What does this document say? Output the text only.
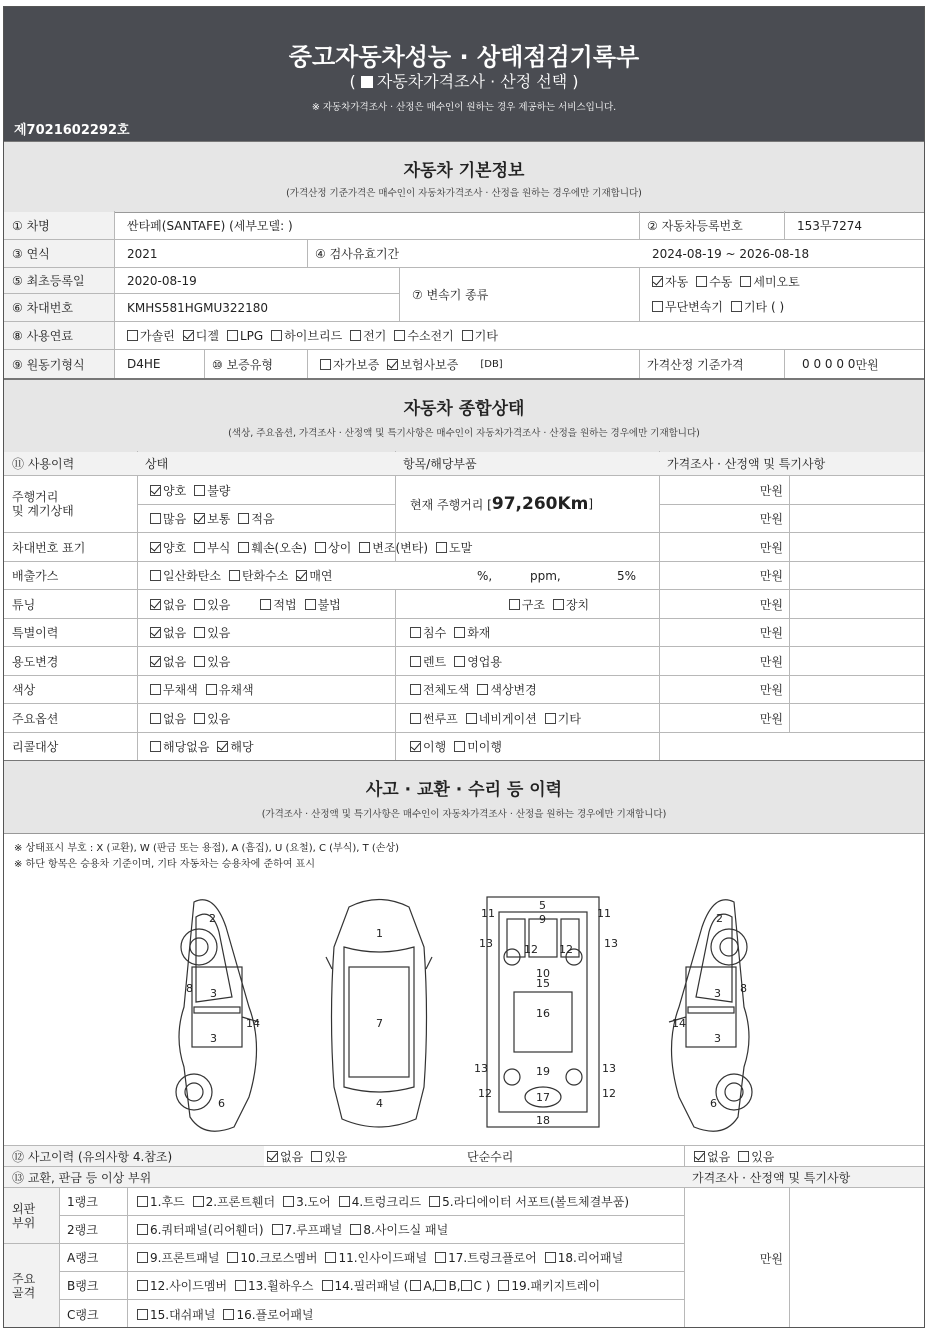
중고자동차성능 · 상태점검기록부
( 자동차가격조사 · 산정 선택 )
※ 자동차가격조사 · 산정은 매수인이 원하는 경우 제공하는 서비스입니다.
제7021602292호
자동차 기본정보
(가격산정 기준가격은 매수인이 자동차가격조사 · 산정을 원하는 경우에만 기재합니다)
① 차명	싼타페(SANTAFE) (세부모델: )	② 자동차등록번호	153무7274
③ 연식	2021	④ 검사유효기간	2024-08-19 ~ 2026-08-18
⑤ 최초등록일	2020-08-19
⑥ 차대번호	KMHS581HGMU322180
⑦ 변속기 종류
자동	수동	세미오토
무단변속기	기타 ( )
⑧ 사용연료	가솔린	디젤	LPG	하이브리드	전기	수소전기	기타
⑨ 원동기형식	D4HE	⑩ 보증유형	자가보증	보험사보증 [DB]	가격산정 기준가격	0 0 0 0 0 만원
자동차 종합상태
(색상, 주요옵션, 가격조사 · 산정액 및 특기사항은 매수인이 자동차가격조사 · 산정을 원하는 경우에만 기재합니다)
⑪ 사용이력	상태	항목/해당부품	가격조사 · 산정액 및 특기사항
주행거리
및 계기상태
양호	불량
많음	보통	적음
현재 주행거리 [ 97,260Km ]
만원
만원
차대번호 표기	양호	부식	훼손(오손)	상이	변조(변타)	도말	만원
배출가스	일산화탄소	탄화수소	매연	%,	ppm,	5%	만원
튜닝	없음	있음	적법	불법	구조	장치	만원
특별이력	없음	있음	침수	화재	만원
용도변경	없음	있음	렌트	영업용	만원
색상	무채색	유채색	전체도색	색상변경	만원
주요옵션	없음	있음	썬루프	네비게이션	기타	만원
리콜대상	해당없음	해당	이행	미이행
사고 · 교환 · 수리 등 이력
(가격조사 · 산정액 및 특기사항은 매수인이 자동차가격조사 · 산정을 원하는 경우에만 기재합니다)
※ 상태표시 부호 : X (교환), W (판금 또는 용접), A (흠집), U (요철), C (부식), T (손상)
※ 하단 항목은 승용차 기준이며, 기타 자동차는 승용차에 준하여 표시
2
3
3
8
14
6
1
7
4
5
9
11	11
13	13
12 12
10
15
16
13	13
19
12	12
17
18
2
3
3
8
14
6
⑫ 사고이력 (유의사항 4.참조)	없음	있음	단순수리	없음	있음
⑬ 교환, 판금 등 이상 부위	가격조사 · 산정액 및 특기사항
외판
부위
주요
골격
1랭크	1.후드	2.프론트휀더	3.도어	4.트렁크리드	5.라디에이터 서포트(볼트체결부품)
2랭크	6.쿼터패널(리어휀더)	7.루프패널	8.사이드실 패널
A랭크	9.프론트패널	10.크로스멤버	11.인사이드패널	17.트렁크플로어	18.리어패널
B랭크	12.사이드멤버	13.휠하우스	14.필러패널 (	A,	B,	C )	19.패키지트레이
C랭크	15.대쉬패널	16.플로어패널
만원
